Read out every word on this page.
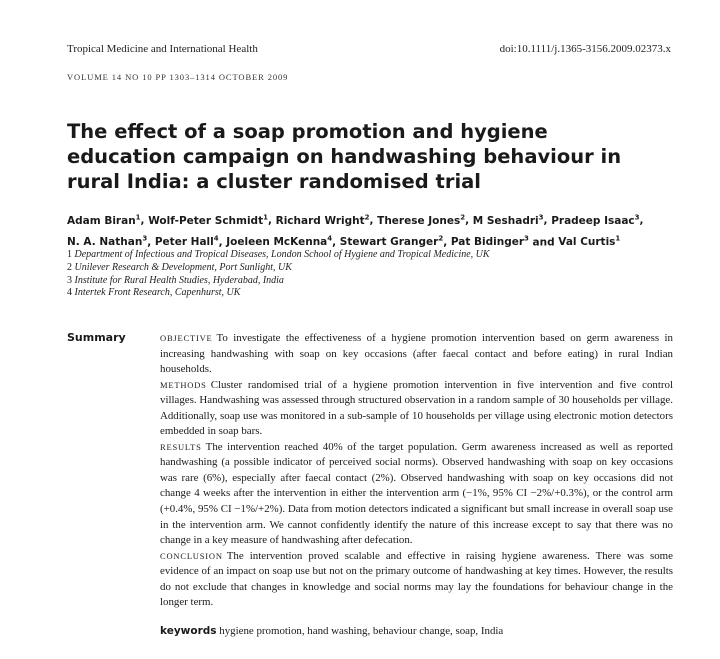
Tropical Medicine and International Health	doi:10.1111/j.1365-3156.2009.02373.x
VOLUME 14 NO 10 PP 1303–1314 OCTOBER 2009
The effect of a soap promotion and hygiene education campaign on handwashing behaviour in rural India: a cluster randomised trial
Adam Biran$^1$, Wolf-Peter Schmidt$^1$, Richard Wright$^2$, Therese Jones$^2$, M Seshadri$^3$, Pradeep Isaac$^3$,
N. A. Nathan$^3$, Peter Hall$^4$, Joeleen McKenna$^4$, Stewart Granger$^2$, Pat Bidinger$^3$ and Val Curtis$^1$
1 Department of Infectious and Tropical Diseases, London School of Hygiene and Tropical Medicine, UK
2 Unilever Research & Development, Port Sunlight, UK
3 Institute for Rural Health Studies, Hyderabad, India
4 Intertek Front Research, Capenhurst, UK
Summary	OBJECTIVE To investigate the effectiveness of a hygiene promotion intervention based on germ awareness in increasing handwashing with soap on key occasions (after faecal contact and before eating) in rural Indian households.

METHODS Cluster randomised trial of a hygiene promotion intervention in five intervention and five control villages. Handwashing was assessed through structured observation in a random sample of 30 households per village. Additionally, soap use was monitored in a sub-sample of 10 households per village using electronic motion detectors embedded in soap bars.

RESULTS The intervention reached 40% of the target population. Germ awareness increased as well as reported handwashing (a possible indicator of perceived social norms). Observed handwashing with soap on key occasions was rare (6%), especially after faecal contact (2%). Observed handwashing with soap on key occasions did not change 4 weeks after the intervention in either the intervention arm (−1%, 95% CI −2%/+0.3%), or the control arm (+0.4%, 95% CI −1%/+2%). Data from motion detectors indicated a significant but small increase in overall soap use in the intervention arm. We cannot confidently identify the nature of this increase except to say that there was no change in a key measure of handwashing after defecation.

CONCLUSION The intervention proved scalable and effective in raising hygiene awareness. There was some evidence of an impact on soap use but not on the primary outcome of handwashing at key times. However, the results do not exclude that changes in knowledge and social norms may lay the foundations for behaviour change in the longer term.

keywords hygiene promotion, hand washing, behaviour change, soap, India
